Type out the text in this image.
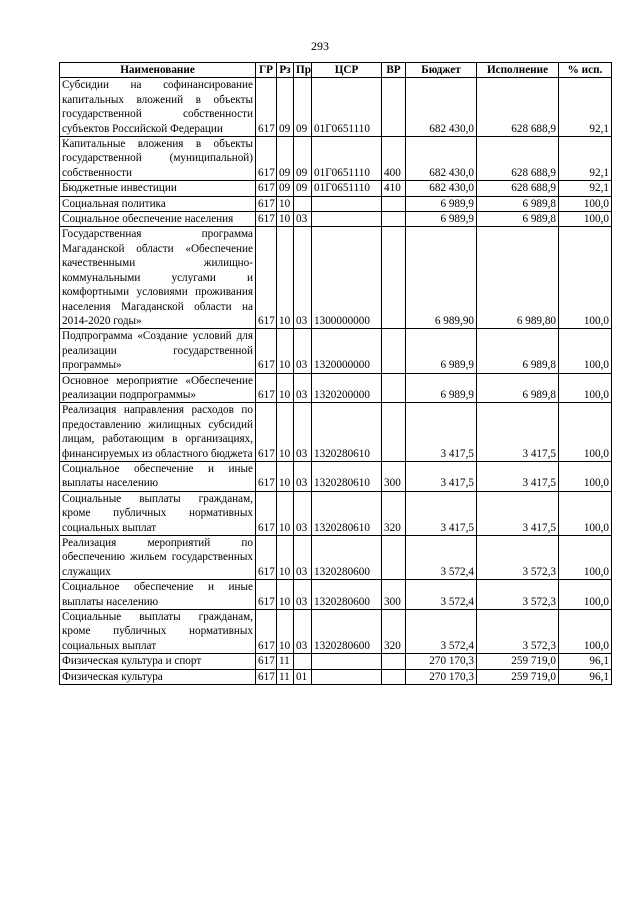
293
Наименование	ГР	Рз	Пр	ЦСР	ВР	Бюджет	Исполнение	% исп.
Субсидии на софинансирование капитальных вложений в объекты государственной собственности субъектов Российской Федерации	617	09	09	01Г0651110		682 430,0	628 688,9	92,1
Капитальные вложения в объекты государственной (муниципальной) собственности	617	09	09	01Г0651110	400	682 430,0	628 688,9	92,1
Бюджетные инвестиции	617	09	09	01Г0651110	410	682 430,0	628 688,9	92,1
Социальная политика	617	10				6 989,9	6 989,8	100,0
Социальное обеспечение населения	617	10	03			6 989,9	6 989,8	100,0
Государственная программа Магаданской области «Обеспечение качественными жилищно-коммунальными услугами и комфортными условиями проживания населения Магаданской области на 2014-2020 годы»	617	10	03	1300000000		6 989,90	6 989,80	100,0
Подпрограмма «Создание условий для реализации государственной программы»	617	10	03	1320000000		6 989,9	6 989,8	100,0
Основное мероприятие «Обеспечение реализации подпрограммы»	617	10	03	1320200000		6 989,9	6 989,8	100,0
Реализация направления расходов по предоставлению жилищных субсидий лицам, работающим в организациях, финансируемых из областного бюджета	617	10	03	1320280610		3 417,5	3 417,5	100,0
Социальное обеспечение и иные выплаты населению	617	10	03	1320280610	300	3 417,5	3 417,5	100,0
Социальные выплаты гражданам, кроме публичных нормативных социальных выплат	617	10	03	1320280610	320	3 417,5	3 417,5	100,0
Реализация мероприятий по обеспечению жильем государственных служащих	617	10	03	1320280600		3 572,4	3 572,3	100,0
Социальное обеспечение и иные выплаты населению	617	10	03	1320280600	300	3 572,4	3 572,3	100,0
Социальные выплаты гражданам, кроме публичных нормативных социальных выплат	617	10	03	1320280600	320	3 572,4	3 572,3	100,0
Физическая культура и спорт	617	11				270 170,3	259 719,0	96,1
Физическая культура	617	11	01			270 170,3	259 719,0	96,1
